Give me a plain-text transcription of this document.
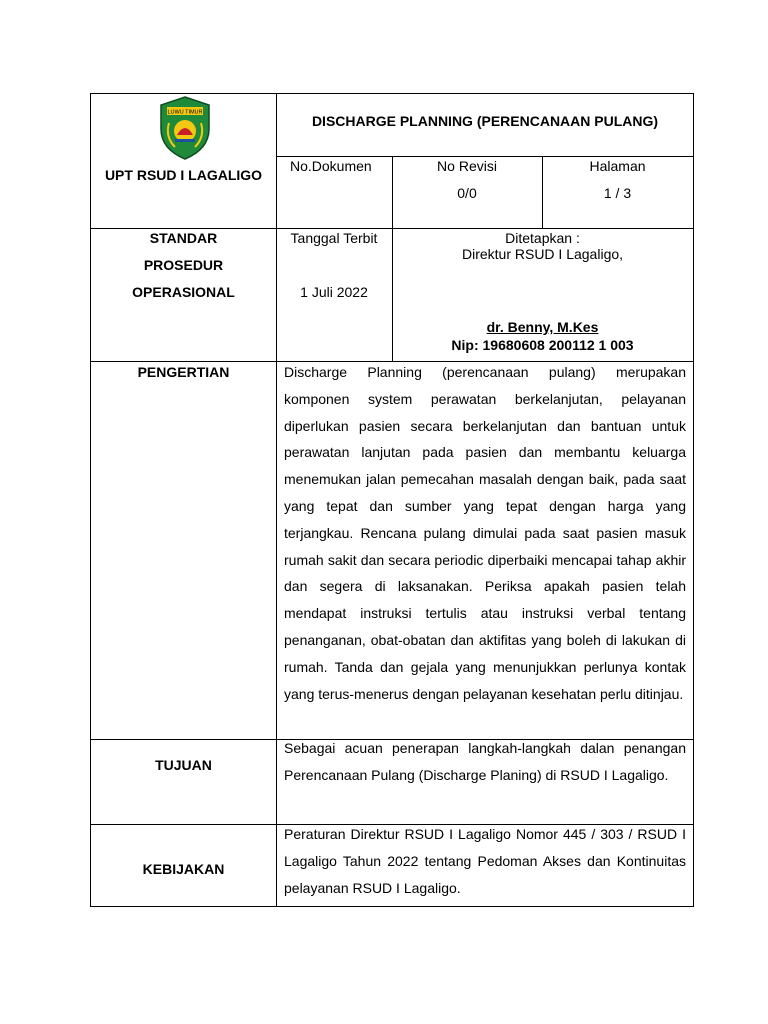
LUWU TIMUR
UPT RSUD I LAGALIGO
DISCHARGE PLANNING (PERENCANAAN PULANG)
No.Dokumen	No Revisi
0/0
Halaman
1 / 3
STANDAR
PROSEDUR
OPERASIONAL
Tanggal Terbit
1 Juli 2022
Ditetapkan :
Direktur RSUD I Lagaligo,
dr. Benny, M.Kes
Nip: 19680608 200112 1 003
PENGERTIAN	Discharge Planning (perencanaan pulang) merupakan komponen system perawatan berkelanjutan, pelayanan diperlukan pasien secara berkelanjutan dan bantuan untuk perawatan lanjutan pada pasien dan membantu keluarga menemukan jalan pemecahan masalah dengan baik, pada saat yang tepat dan sumber yang tepat dengan harga yang terjangkau. Rencana pulang dimulai pada saat pasien masuk rumah sakit dan secara periodic diperbaiki mencapai tahap akhir dan segera di laksanakan. Periksa apakah pasien telah mendapat instruksi tertulis atau instruksi verbal tentang penanganan, obat-obatan dan aktifitas yang boleh di lakukan di rumah. Tanda dan gejala yang menunjukkan perlunya kontak yang terus-menerus dengan pelayanan kesehatan perlu ditinjau.
TUJUAN
Sebagai acuan penerapan langkah-langkah dalan penangan Perencanaan Pulang (Discharge Planing) di RSUD I Lagaligo.
KEBIJAKAN
Peraturan Direktur RSUD I Lagaligo Nomor 445 / 303 / RSUD I Lagaligo Tahun 2022 tentang Pedoman Akses dan Kontinuitas pelayanan RSUD I Lagaligo.
